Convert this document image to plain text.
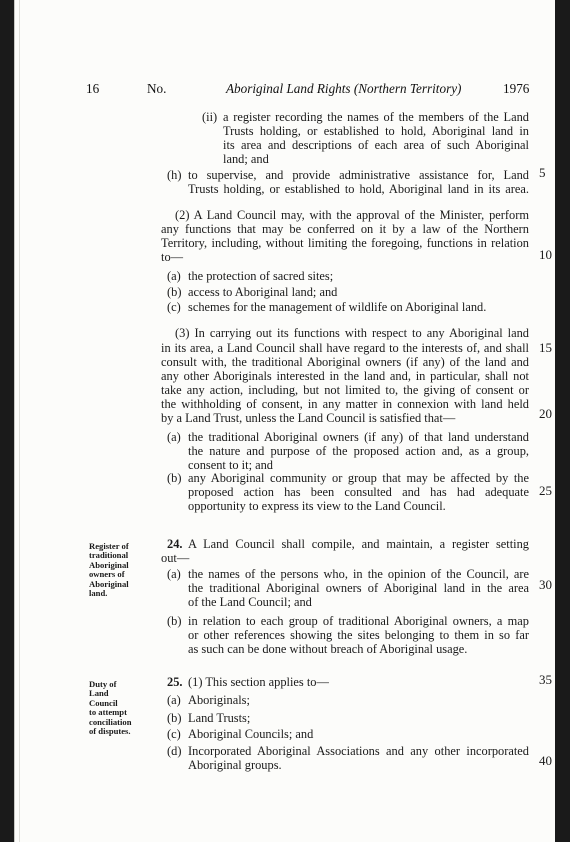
16	No.	Aboriginal Land Rights (Northern Territory)	1976
(ii) a register recording the names of the members of the Land
Trusts holding, or established to hold, Aboriginal land in
its area and descriptions of each area of such Aboriginal
land; and
(h) to supervise, and provide administrative assistance for, Land
Trusts holding, or established to hold, Aboriginal land in its area.
(2) A Land Council may, with the approval of the Minister, perform
any functions that may be conferred on it by a law of the Northern
Territory, including, without limiting the foregoing, functions in relation
to—
(a) the protection of sacred sites;
(b) access to Aboriginal land; and
(c) schemes for the management of wildlife on Aboriginal land.
(3) In carrying out its functions with respect to any Aboriginal land
in its area, a Land Council shall have regard to the interests of, and shall
consult with, the traditional Aboriginal owners (if any) of the land and
any other Aboriginals interested in the land and, in particular, shall not
take any action, including, but not limited to, the giving of consent or
the withholding of consent, in any matter in connexion with land held
by a Land Trust, unless the Land Council is satisfied that—
(a) the traditional Aboriginal owners (if any) of that land understand
the nature and purpose of the proposed action and, as a group,
consent to it; and
(b) any Aboriginal community or group that may be affected by the
proposed action has been consulted and has had adequate
opportunity to express its view to the Land Council.
Register of
traditional
Aboriginal
owners of
Aboriginal
land.
24. A Land Council shall compile, and maintain, a register setting
out—
(a) the names of the persons who, in the opinion of the Council, are
the traditional Aboriginal owners of Aboriginal land in the area
of the Land Council; and
(b) in relation to each group of traditional Aboriginal owners, a map
or other references showing the sites belonging to them in so far
as such can be done without breach of Aboriginal usage.
Duty of
Land
Council
to attempt
conciliation
of disputes.
25. (1) This section applies to—
(a) Aboriginals;
(b) Land Trusts;
(c) Aboriginal Councils; and
(d) Incorporated Aboriginal Associations and any other incorporated
Aboriginal groups.
5
10
15
20
25
30
35
40
